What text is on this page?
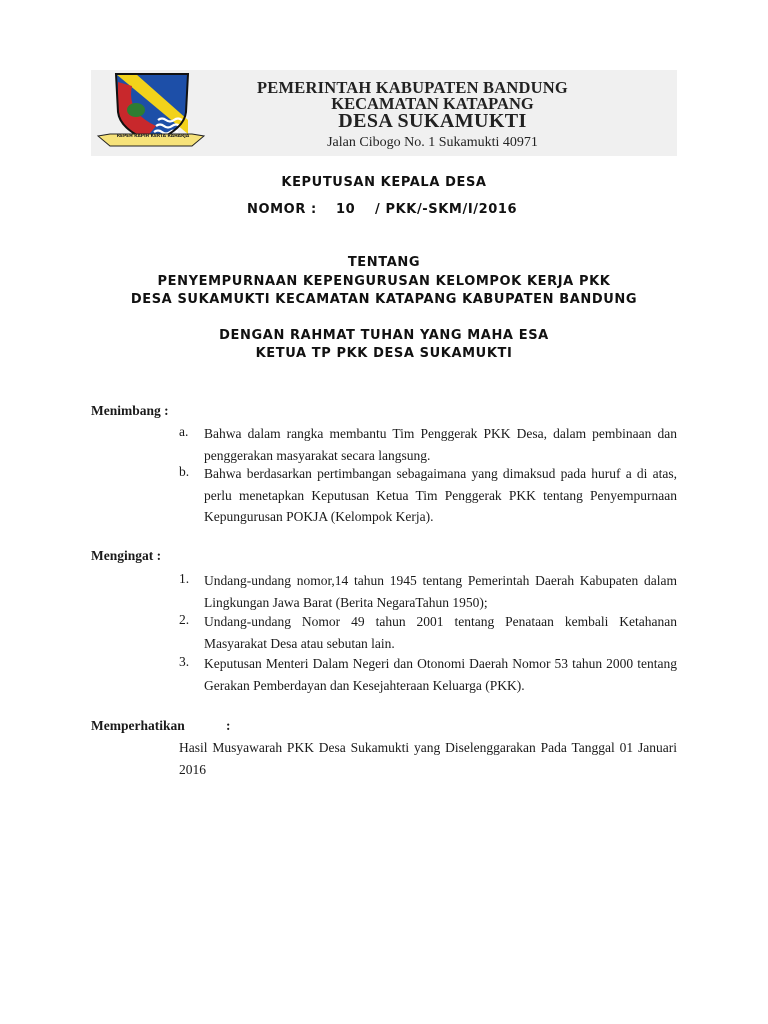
REPEH RAPIH KERTA RAHARJA
PEMERINTAH KABUPATEN BANDUNG
KECAMATAN KATAPANG
DESA SUKAMUKTI
Jalan Cibogo No. 1 Sukamukti 40971
KEPUTUSAN KEPALA DESA
NOMOR : 10 / PKK/-SKM/I/2016
TENTANG
PENYEMPURNAAN KEPENGURUSAN KELOMPOK KERJA PKK
DESA SUKAMUKTI KECAMATAN KATAPANG KABUPATEN BANDUNG
DENGAN RAHMAT TUHAN YANG MAHA ESA
KETUA TP PKK DESA SUKAMUKTI
Menimbang :
a. Bahwa dalam rangka membantu Tim Penggerak PKK Desa, dalam pembinaan dan penggerakan masyarakat secara langsung.
b. Bahwa berdasarkan pertimbangan sebagaimana yang dimaksud pada huruf a di atas, perlu menetapkan Keputusan Ketua Tim Penggerak PKK tentang Penyempurnaan Kepungurusan POKJA (Kelompok Kerja).
Mengingat :
1. Undang-undang nomor,14 tahun 1945 tentang Pemerintah Daerah Kabupaten dalam Lingkungan Jawa Barat (Berita NegaraTahun 1950);
2. Undang-undang Nomor 49 tahun 2001 tentang Penataan kembali Ketahanan Masyarakat Desa atau sebutan lain.
3. Keputusan Menteri Dalam Negeri dan Otonomi Daerah Nomor 53 tahun 2000 tentang Gerakan Pemberdayan dan Kesejahteraan Keluarga (PKK).
Memperhatikan	:
Hasil Musyawarah PKK Desa Sukamukti yang Diselenggarakan Pada Tanggal 01 Januari 2016
